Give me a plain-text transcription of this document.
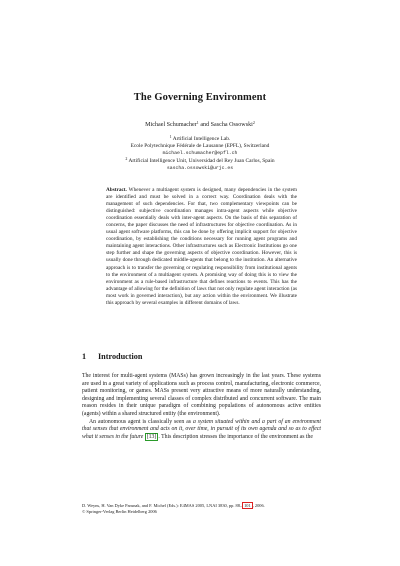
The Governing Environment
Michael Schumacher$^1$ and Sascha Ossowski$^2$
$^1$ Artificial Intelligence Lab.
Ecole Polytechnique Fédérale de Lausanne (EPFL), Switzerland
michael.schumacher@epfl.ch
$^2$ Artificial Intelligence Unit, Universidad del Rey Juan Carlos, Spain
sascha.ossowski@urjc.es
Abstract. Whenever a multiagent system is designed, many dependencies in the system are identified and must be solved in a correct way. Coordination deals with the management of such dependencies. For that, two complementary viewpoints can be distinguished: subjective coordination manages intra-agent aspects while objective coordination essentially deals with inter-agent aspects. On the basis of this separation of concerns, the paper discusses the need of infrastructures for objective coordination. As in usual agent software platforms, this can be done by offering implicit support for objective coordination, by establishing the conditions necessary for running agent programs and maintaining agent interactions. Other infrastructures such as Electronic Institutions go one step further and shape the governing aspects of objective coordination. However, this is usually done through dedicated middle-agents that belong to the institution. An alternative approach is to transfer the governing or regulating responsibility from institutional agents to the environment of a multiagent system. A promising way of doing this is to view the environment as a rule-based infrastructure that defines reactions to events. This has the advantage of allowing for the definition of laws that not only regulate agent interaction (as most work in governed interaction), but any action within the environment. We illustrate this approach by several examples in different domains of laws.
1 Introduction

The interest for multi-agent systems (MASs) has grown increasingly in the last years. These systems are used in a great variety of applications such as process control, manufacturing, electronic commerce, patient monitoring, or games. MASs present very attractive means of more naturally understanding, designing and implementing several classes of complex distributed and concurrent software. The main reason resides in their unique paradigm of combining populations of autonomous active entities (agents) within a shared structured entity (the environment).

An autonomous agent is classically seen as a system situated within and a part of an environment that senses that environment and acts on it, over time, in pursuit of its own agenda and so as to effect what it senses in the future [13] . This description stresses the importance of the environment as the

D. Weyns, H. Van Dyke Parunak, and F. Michel (Eds.): E4MAS 2005, LNAI 3830, pp. 88– 101 , 2006.
© Springer-Verlag Berlin Heidelberg 2006
